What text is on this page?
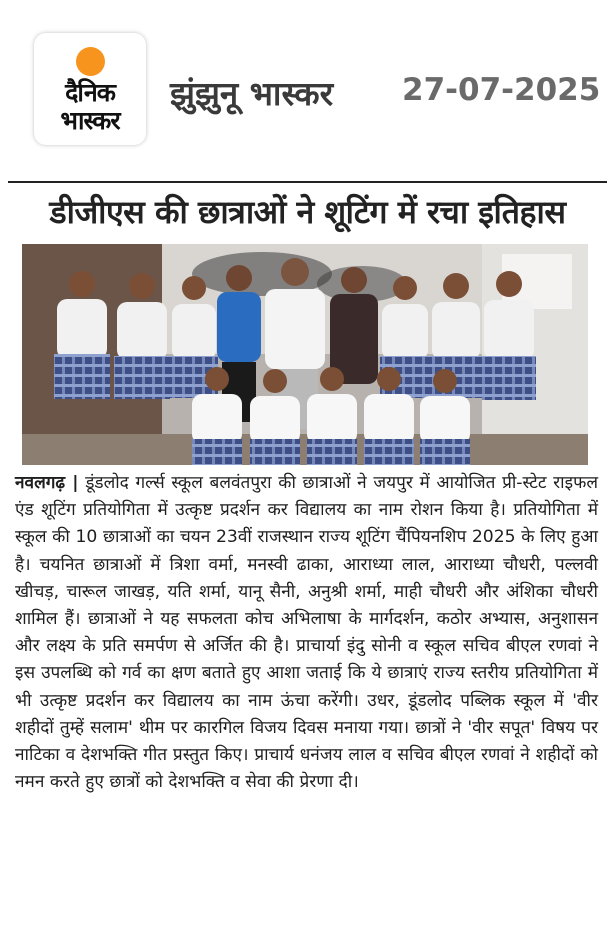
दैनिक
भास्कर
झुंझुनू भास्कर 27-07-2025
डीजीएस की छात्राओं ने शूटिंग में रचा इतिहास
नवलगढ़ | डूंडलोद गर्ल्स स्कूल बलवंतपुरा की छात्राओं ने जयपुर में आयोजित प्री-स्टेट राइफल एंड शूटिंग प्रतियोगिता में उत्कृष्ट प्रदर्शन कर विद्यालय का नाम रोशन किया है। प्रतियोगिता में स्कूल की 10 छात्राओं का चयन 23वीं राजस्थान राज्य शूटिंग चैंपियनशिप 2025 के लिए हुआ है। चयनित छात्राओं में त्रिशा वर्मा, मनस्वी ढाका, आराध्या लाल, आराध्या चौधरी, पल्लवी खीचड़, चारूल जाखड़, यति शर्मा, यानू सैनी, अनुश्री शर्मा, माही चौधरी और अंशिका चौधरी शामिल हैं। छात्राओं ने यह सफलता कोच अभिलाषा के मार्गदर्शन, कठोर अभ्यास, अनुशासन और लक्ष्य के प्रति समर्पण से अर्जित की है। प्राचार्या इंदु सोनी व स्कूल सचिव बीएल रणवां ने इस उपलब्धि को गर्व का क्षण बताते हुए आशा जताई कि ये छात्राएं राज्य स्तरीय प्रतियोगिता में भी उत्कृष्ट प्रदर्शन कर विद्यालय का नाम ऊंचा करेंगी। उधर, डूंडलोद पब्लिक स्कूल में 'वीर शहीदों तुम्हें सलाम' थीम पर कारगिल विजय दिवस मनाया गया। छात्रों ने 'वीर सपूत' विषय पर नाटिका व देशभक्ति गीत प्रस्तुत किए। प्राचार्य धनंजय लाल व सचिव बीएल रणवां ने शहीदों को नमन करते हुए छात्रों को देशभक्ति व सेवा की प्रेरणा दी।
